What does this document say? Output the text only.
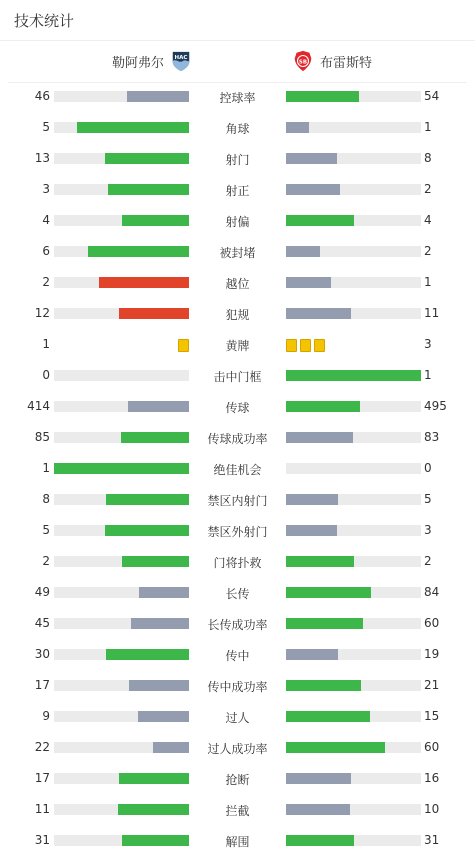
技术统计
勒阿弗尔 HAC
SB 布雷斯特
46	控球率	54
5	角球	1
13	射门	8
3	射正	2
4	射偏	4
6	被封堵	2
2	越位	1
12	犯规	11
1	黄牌	3
0	击中门框	1
414	传球	495
85	传球成功率	83
1	绝佳机会	0
8	禁区内射门	5
5	禁区外射门	3
2	门将扑救	2
49	长传	84
45	长传成功率	60
30	传中	19
17	传中成功率	21
9	过人	15
22	过人成功率	60
17	抢断	16
11	拦截	10
31	解围	31
